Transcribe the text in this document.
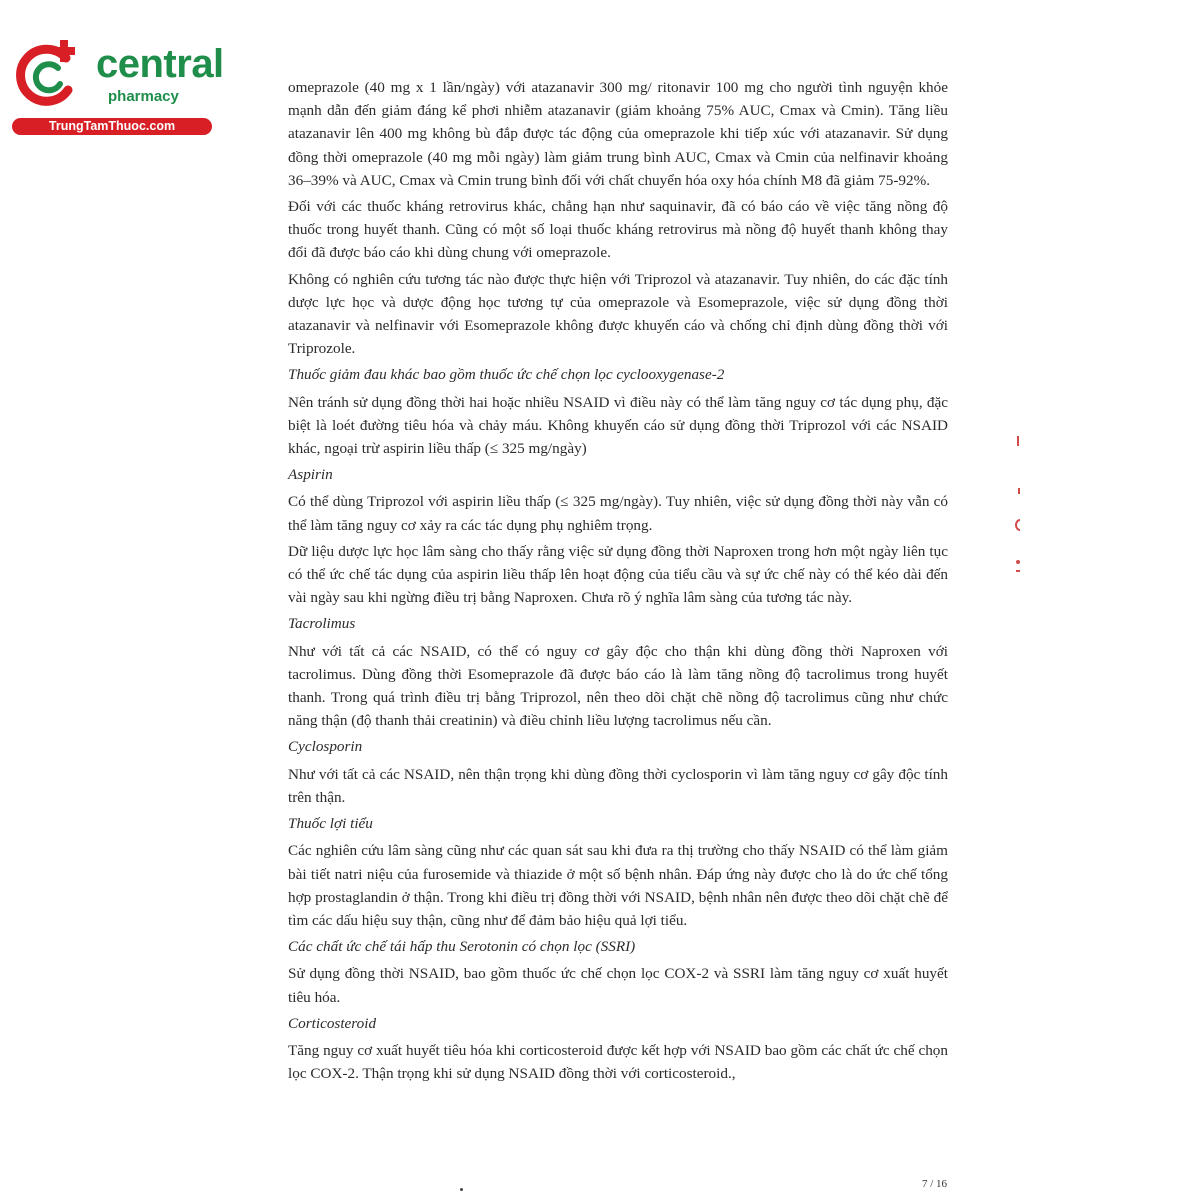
central
pharmacy
TrungTamThuoc.com

omeprazole (40 mg x 1 lần/ngày) với atazanavir 300 mg/ ritonavir 100 mg cho người tình nguyện khỏe mạnh dẫn đến giảm đáng kể phơi nhiễm atazanavir (giảm khoảng 75% AUC, Cmax và Cmin). Tăng liều atazanavir lên 400 mg không bù đắp được tác động của omeprazole khi tiếp xúc với atazanavir. Sử dụng đồng thời omeprazole (40 mg mỗi ngày) làm giảm trung bình AUC, Cmax và Cmin của nelfinavir khoảng 36–39% và AUC, Cmax và Cmin trung bình đối với chất chuyển hóa oxy hóa chính M8 đã giảm 75-92%.

Đối với các thuốc kháng retrovirus khác, chẳng hạn như saquinavir, đã có báo cáo về việc tăng nồng độ thuốc trong huyết thanh. Cũng có một số loại thuốc kháng retrovirus mà nồng độ huyết thanh không thay đổi đã được báo cáo khi dùng chung với omeprazole.

Không có nghiên cứu tương tác nào được thực hiện với Triprozol và atazanavir. Tuy nhiên, do các đặc tính dược lực học và dược động học tương tự của omeprazole và Esomeprazole, việc sử dụng đồng thời atazanavir và nelfinavir với Esomeprazole không được khuyến cáo và chống chỉ định dùng đồng thời với Triprozole.

Thuốc giảm đau khác bao gồm thuốc ức chế chọn lọc cyclooxygenase-2

Nên tránh sử dụng đồng thời hai hoặc nhiều NSAID vì điều này có thể làm tăng nguy cơ tác dụng phụ, đặc biệt là loét đường tiêu hóa và chảy máu. Không khuyến cáo sử dụng đồng thời Triprozol với các NSAID khác, ngoại trừ aspirin liều thấp (≤ 325 mg/ngày)

Aspirin

Có thể dùng Triprozol với aspirin liều thấp (≤ 325 mg/ngày). Tuy nhiên, việc sử dụng đồng thời này vẫn có thể làm tăng nguy cơ xảy ra các tác dụng phụ nghiêm trọng.

Dữ liệu dược lực học lâm sàng cho thấy rằng việc sử dụng đồng thời Naproxen trong hơn một ngày liên tục có thể ức chế tác dụng của aspirin liều thấp lên hoạt động của tiểu cầu và sự ức chế này có thể kéo dài đến vài ngày sau khi ngừng điều trị bằng Naproxen. Chưa rõ ý nghĩa lâm sàng của tương tác này.

Tacrolimus

Như với tất cả các NSAID, có thể có nguy cơ gây độc cho thận khi dùng đồng thời Naproxen với tacrolimus. Dùng đồng thời Esomeprazole đã được báo cáo là làm tăng nồng độ tacrolimus trong huyết thanh. Trong quá trình điều trị bằng Triprozol, nên theo dõi chặt chẽ nồng độ tacrolimus cũng như chức năng thận (độ thanh thải creatinin) và điều chỉnh liều lượng tacrolimus nếu cần.

Cyclosporin

Như với tất cả các NSAID, nên thận trọng khi dùng đồng thời cyclosporin vì làm tăng nguy cơ gây độc tính trên thận.

Thuốc lợi tiểu

Các nghiên cứu lâm sàng cũng như các quan sát sau khi đưa ra thị trường cho thấy NSAID có thể làm giảm bài tiết natri niệu của furosemide và thiazide ở một số bệnh nhân. Đáp ứng này được cho là do ức chế tổng hợp prostaglandin ở thận. Trong khi điều trị đồng thời với NSAID, bệnh nhân nên được theo dõi chặt chẽ để tìm các dấu hiệu suy thận, cũng như để đảm bảo hiệu quả lợi tiểu.

Các chất ức chế tái hấp thu Serotonin có chọn lọc (SSRI)

Sử dụng đồng thời NSAID, bao gồm thuốc ức chế chọn lọc COX-2 và SSRI làm tăng nguy cơ xuất huyết tiêu hóa.

Corticosteroid

Tăng nguy cơ xuất huyết tiêu hóa khi corticosteroid được kết hợp với NSAID bao gồm các chất ức chế chọn lọc COX-2. Thận trọng khi sử dụng NSAID đồng thời với corticosteroid.,

7 / 16
